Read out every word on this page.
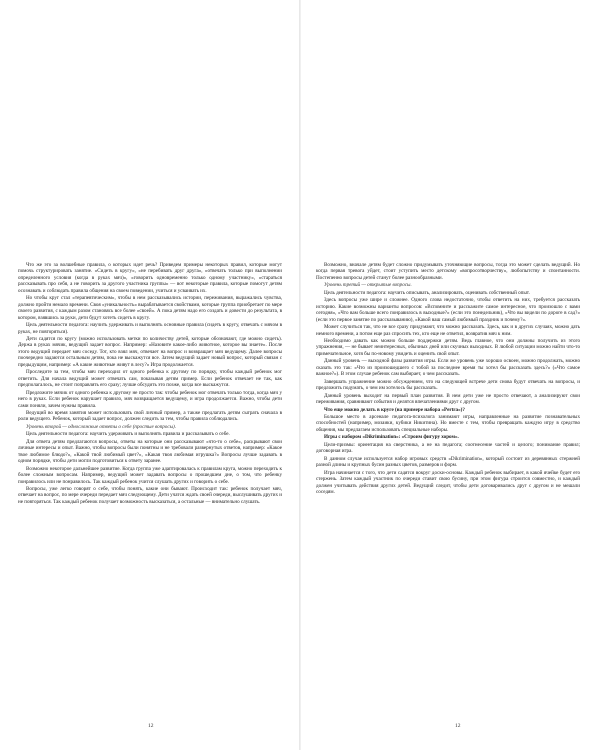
Что же это за волшебные правила, о которых идет речь? Приведем примеры некоторых правил, которые могут помочь структурировать занятие. «Сидеть в кругу», «не перебивать друг друга», «отвечать только при выполнении определенного условия (когда в руках мяч)», «говорить одновременно только одному участнику», «стараться рассказывать про себя, а не говорить за другого участника группы» — вот некоторые правила, которые помогут детям осознавать и соблюдать правила общения на своем поведении, учиться и усваивать их.

Но чтобы круг стал «терапевтическим», чтобы в нем рассказывались истории, переживания, выражались чувства, должно пройти немало времени. Своя «уникальность» вырабатывается свойствами, которые группа приобретает по мере своего развития, с каждым разом становясь все более «своей». А пока детям надо его создать и довести до результата, в котором, взявшись за руки, дети будут хотеть сидеть в кругу.

Цель деятельности педагога: научить удерживать и выполнять основные правила (сидеть в кругу, отвечать с мячом в руках, не повторяться).

Дети садятся по кругу (можно использовать метки по количеству детей, которые обозначают, где можно сидеть). Держа в руках мячик, ведущий задает вопрос. Например: «Назовите какое-либо животное, которое вы знаете». После этого ведущий передает мяч соседу. Тот, кто взял мяч, отвечает на вопрос и возвращает мяч ведущему. Далее вопросы поочередно задаются остальным детям, пока не выскажутся все. Затем ведущий задает новый вопрос, который связан с предыдущим, например: «А какие животные живут в лесу?» Игра продолжается.

Проследите за тем, чтобы мяч переходил от одного ребенка к другому по порядку, чтобы каждый ребенок мог ответить. Для начала ведущий может отвечать сам, показывая детям пример. Если ребенок отвечает не так, как предполагалось, не стоит поправлять его сразу; лучше обсудить это позже, когда все выскажутся.

Предложите мячик от одного ребенка к другому не просто так: чтобы ребенок мог отвечать только тогда, когда мяч у него в руках. Если ребенок нарушает правило, мяч возвращается ведущему, и игра продолжается. Важно, чтобы дети сами поняли, зачем нужны правила.

Ведущий во время занятия может использовать свой личный пример, а также предлагать детям сыграть сначала в роли ведущего. Ребенок, который задает вопрос, должен следить за тем, чтобы правила соблюдались.

Уровень второй — односложные ответы о себе (простые вопросы).

Цель деятельности педагога: научить удерживать и выполнять правила и рассказывать о себе.

Для ответа детям предлагаются вопросы, ответы на которые они рассказывают «что-то о себе», раскрывают свои личные интересы и опыт. Важно, чтобы вопросы были понятны и не требовали развернутых ответов, например: «Какое твое любимое блюдо?», «Какой твой любимый цвет?», «Какая твоя любимая игрушка?» Вопросы лучше задавать в одном порядке, чтобы дети могли подготовиться к ответу заранее.

Возможно некоторое дальнейшее развитие. Когда группа уже адаптировалась к правилам круга, можно переходить к более сложным вопросам. Например, ведущий может задавать вопросы о прошедшем дне, о том, что ребенку понравилось или не понравилось. Так каждый ребенок учится слушать других и говорить о себе.

Вопросы, уже легко говорят о себе, чтобы понять, какие они бывают. Происходит так: ребенок получает мяч, отвечает на вопрос, по мере очереди передает мяч следующему. Дети учатся ждать своей очереди, выслушивать других и не повторяться. Так каждый ребенок получает возможность высказаться, а остальные — внимательно слушать.

Возможно, вначале детям будет сложно придумывать уточняющие вопросы, тогда это может сделать ведущий. Но когда первая тревога уйдет, стоит уступить место детскому «вопросотворчеству», любопытству и спонтанности. Постепенно вопросы детей станут более разнообразными.

Уровень третий — открытые вопросы.

Цель деятельности педагога: научить описывать, анализировать, оценивать собственный опыт.

Здесь вопросы уже шире и сложнее. Одного слова недостаточно, чтобы ответить на них, требуется рассказать историю. Какие возможны варианты вопросов: «Вспомните и расскажите самое интересное, что произошло с вами сегодня», «Что вам больше всего понравилось в выходные?» (если это понедельник), «Что вы видели по дороге в сад?» (если это первое занятие по рассказыванию), «Какой ваш самый любимый праздник и почему?».

Может случиться так, что не все сразу придумают, что можно рассказать. Здесь, как и в других случаях, можно дать немного времени, а потом еще раз спросить тех, кто еще не ответил, возвратив мяч к ним.

Необходимо давать как можно больше поддержки детям. Ведь главное, что они должны получить из этого упражнения, — не бывает неинтересных, обычных дней или скучных выходных. В любой ситуации можно найти что-то примечательное, хотя бы по-новому увидеть и оценить свой опыт.

Данный уровень — выходной фазы развития игры. Если же уровень уже хорошо освоен, можно продолжать, можно сказать это так: «Что из произошедшего с тобой за последнее время ты хотел бы рассказать здесь?» («Что самое важное?»). В этом случае ребенок сам выбирает, о чем рассказать.

Завершать упражнение можно обсуждением, что на следующей встрече дети снова будут отвечать на вопросы, и предложить подумать, о чем им хотелось бы рассказать.

Данный уровень выходит на первый план развития. В нем дети уже не просто отвечают, а анализируют свои переживания, сравнивают события и делятся впечатлениями друг с другом.

Что еще можно делать в круге (на примере набора «Pertra»)?

Большое место в арсенале педагога-психолога занимают игры, направленные на развитие познавательных способностей (например, мозаики, кубики Никитина). Но вместе с тем, чтобы превращать каждую игру в средство общения, мы предлагаем использовать специальные наборы.

Игры с набором «Dikrimination»: «Строим фигуру хором».

Цели-призмы: ориентация на сверстника, а не на педагога; соотнесение частей и целого; понимание правил; договорная игра.

В данном случае используется набор игровых средств «Dikrimination», который состоит из деревянных стержней разной длины и крупных бусин разных цветов, размеров и форм.

Игра начинается с того, что дети садятся вокруг доски-основы. Каждый ребенок выбирает, в какой ячейке будет его стержень. Затем каждый участник по очереди ставит свою бусину, при этом фигура строится совместно, и каждый должен учитывать действия других детей. Ведущий следит, чтобы дети договаривались друг с другом и не мешали соседям.

12	12
